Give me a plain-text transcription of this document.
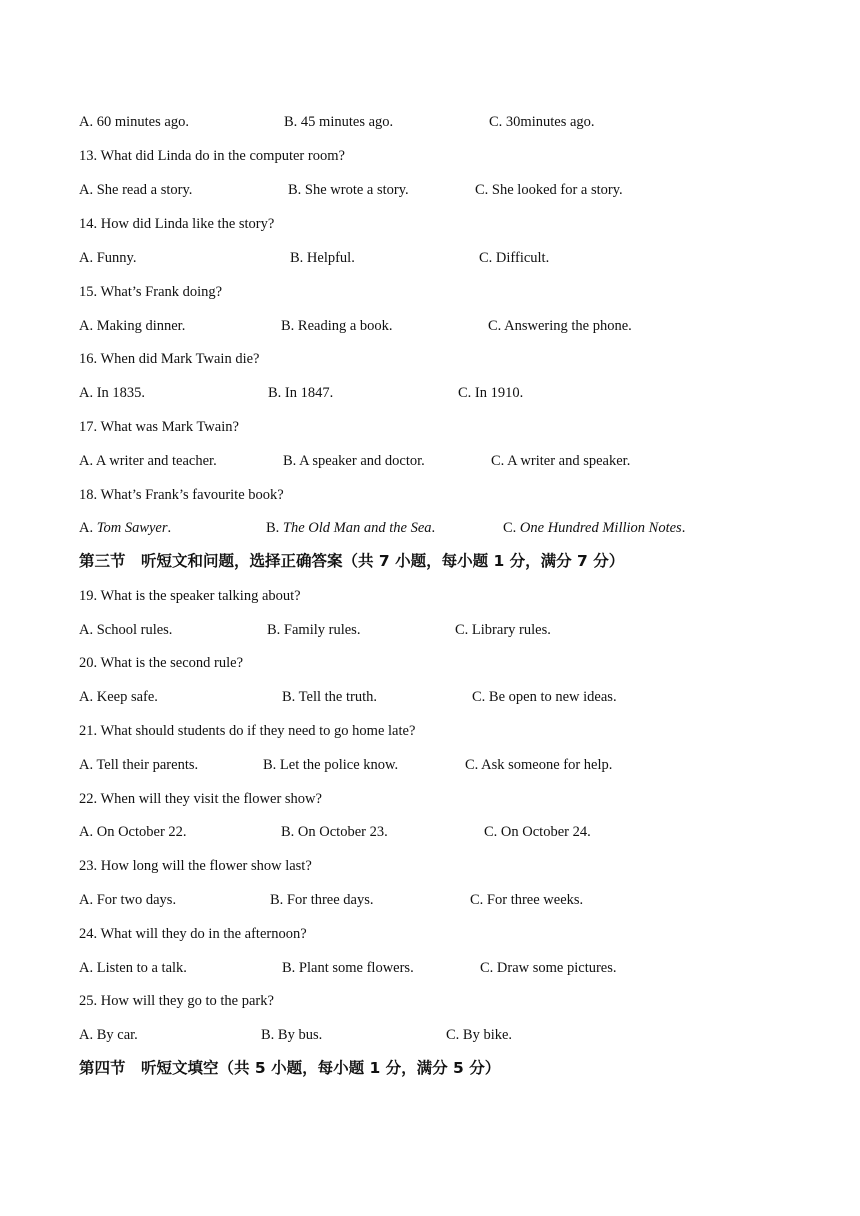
A. 60 minutes ago.	B. 45 minutes ago.	C. 30minutes ago.
13. What did Linda do in the computer room?
A. She read a story.	B. She wrote a story.	C. She looked for a story.
14. How did Linda like the story?
A. Funny.	B. Helpful.	C. Difficult.
15. What’s Frank doing?
A. Making dinner.	B. Reading a book.	C. Answering the phone.
16. When did Mark Twain die?
A. In 1835.	B. In 1847.	C. In 1910.
17. What was Mark Twain?
A. A writer and teacher.	B. A speaker and doctor.	C. A writer and speaker.
18. What’s Frank’s favourite book?
A. Tom Sawyer.	B. The Old Man and the Sea.	C. One Hundred Million Notes.
第三节　听短文和问题，选择正确答案（共 7 小题，每小题 1 分，满分 7 分）
19. What is the speaker talking about?
A. School rules.	B. Family rules.	C. Library rules.
20. What is the second rule?
A. Keep safe.	B. Tell the truth.	C. Be open to new ideas.
21. What should students do if they need to go home late?
A. Tell their parents.	B. Let the police know.	C. Ask someone for help.
22. When will they visit the flower show?
A. On October 22.	B. On October 23.	C. On October 24.
23. How long will the flower show last?
A. For two days.	B. For three days.	C. For three weeks.
24. What will they do in the afternoon?
A. Listen to a talk.	B. Plant some flowers.	C. Draw some pictures.
25. How will they go to the park?
A. By car.	B. By bus.	C. By bike.
第四节　听短文填空（共 5 小题，每小题 1 分，满分 5 分）
